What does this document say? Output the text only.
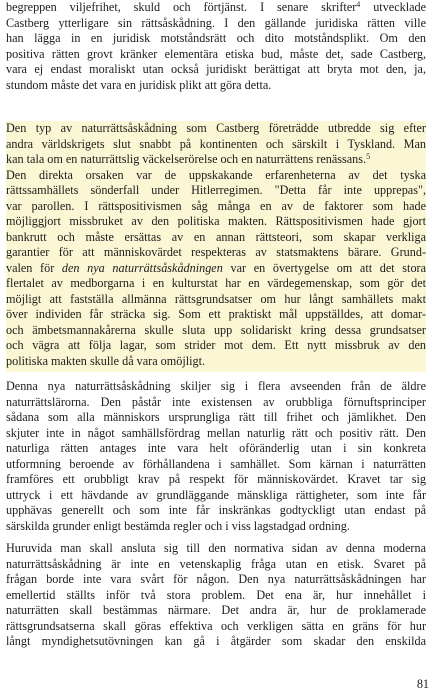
begreppen viljefrihet, skuld och förtjänst. I senare skrifter$^4$ utvecklade
Castberg ytterligare sin rättsåskådning. I den gällande juridiska rätten ville
han lägga in en juridisk motståndsrätt och dito motståndsplikt. Om den
positiva rätten grovt kränker elementära etiska bud, måste det, sade Castberg,
vara ej endast moraliskt utan också juridiskt berättigat att bryta mot den, ja,
stundom måste det vara en juridisk plikt att göra detta.
Den typ av naturrättsåskådning som Castberg företrädde utbredde sig efter
andra världskrigets slut snabbt på kontinenten och särskilt i Tyskland. Man
kan tala om en naturrättslig väckelserörelse och en naturrättens renässans.$^5$
Den direkta orsaken var de uppskakande erfarenheterna av det tyska
rättssamhällets sönderfall under Hitlerregimen. "Detta får inte upprepas",
var parollen. I rättspositivismen såg många en av de faktorer som hade
möjliggjort missbruket av den politiska makten. Rättspositivismen hade gjort
bankrutt och måste ersättas av en annan rättsteori, som skapar verkliga
garantier för att människovärdet respekteras av statsmaktens bärare. Grund-
valen för den nya naturrättsåskådningen var en övertygelse om att det stora
flertalet av medborgarna i en kulturstat har en värdegemenskap, som gör det
möjligt att fastställa allmänna rättsgrundsatser om hur långt samhällets makt
över individen får sträcka sig. Som ett praktiskt mål uppställdes, att domar-
och ämbetsmannakårerna skulle sluta upp solidariskt kring dessa grundsatser
och vägra att följa lagar, som strider mot dem. Ett nytt missbruk av den
politiska makten skulle då vara omöjligt.
Denna nya naturrättsåskådning skiljer sig i flera avseenden från de äldre
naturrättslärorna. Den påstår inte existensen av orubbliga förnuftsprinciper
sådana som alla människors ursprungliga rätt till frihet och jämlikhet. Den
skjuter inte in något samhällsfördrag mellan naturlig rätt och positiv rätt. Den
naturliga rätten antages inte vara helt oföränderlig utan i sin konkreta
utformning beroende av förhållandena i samhället. Som kärnan i naturrätten
framföres ett orubbligt krav på respekt för människovärdet. Kravet tar sig
uttryck i ett hävdande av grundläggande mänskliga rättigheter, som inte får
upphävas generellt och som inte får inskränkas godtyckligt utan endast på
särskilda grunder enligt bestämda regler och i viss lagstadgad ordning.
Huruvida man skall ansluta sig till den normativa sidan av denna moderna
naturrättsåskådning är inte en vetenskaplig fråga utan en etisk. Svaret på
frågan borde inte vara svårt för någon. Den nya naturrättsåskådningen har
emellertid ställts inför två stora problem. Det ena är, hur innehållet i
naturrätten skall bestämmas närmare. Det andra är, hur de proklamerade
rättsgrundsatserna skall göras effektiva och verkligen sätta en gräns för hur
långt myndighetsutövningen kan gå i åtgärder som skadar den enskilda
81
